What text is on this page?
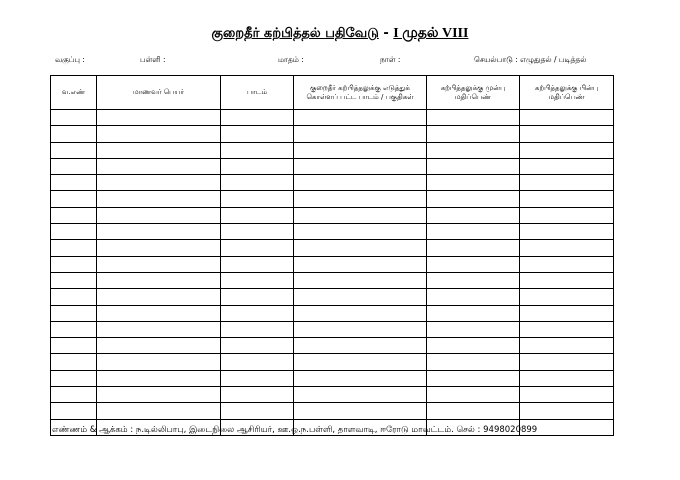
குறைதீர் கற்பித்தல் பதிவேடு - I முதல் VIII
வகுப்பு :	பள்ளி :	மாதம் :	நாள் :	செயல்பாடு : எழுதுதல் / படித்தல்
வ.எண்	மாணவர் பெயர்	பாடம்	குறைதீர் கற்பித்தலுக்கு எடுத்துக் கொள்ளப் பட்ட பாடம் / பகுதிகள்	கற்பித்தலுக்கு முன்பு மதிப்பெண்	கற்பித்தலுக்கு பின்பு மதிப்பெண்

எண்ணம் & ஆக்கம் : ந.டில்லிபாபு, இடைநிலை ஆசிரியர், ஊ.ஒ.ந.பள்ளி, தாளவாடி, ஈரோடு மாவட்டம். செல் : 9498020899
